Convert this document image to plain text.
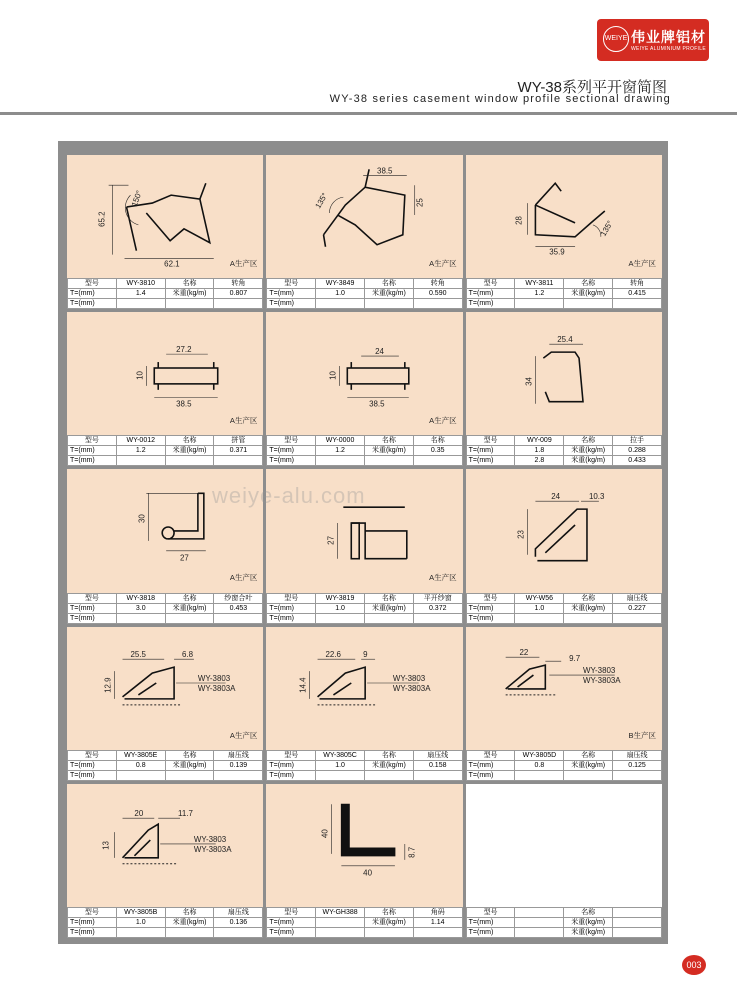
WEIYE 伟业牌铝材
WEIYE ALUMINIUM PROFILE
WY-38系列平开窗简图
WY-38 series casement window profile sectional drawing
65.2
62.1
150°
A生产区
型号	WY-3810	名称	转角
T=(mm)	1.4	米重(kg/m)	0.807
T=(mm)			
38.5
25
135°
A生产区
型号	WY-3849	名称	转角
T=(mm)	1.0	米重(kg/m)	0.590
T=(mm)			
28
35.9
135°
A生产区
型号	WY-3811	名称	转角
T=(mm)	1.2	米重(kg/m)	0.415
T=(mm)			
27.2
10
38.5
A生产区
型号	WY-0012	名称	拼管
T=(mm)	1.2	米重(kg/m)	0.371
T=(mm)			
24
10
38.5
A生产区
型号	WY-0000	名称	名称
T=(mm)	1.2	米重(kg/m)	0.35
T=(mm)			
25.4
34
型号	WY-009	名称	拉手
T=(mm)	1.8	米重(kg/m)	0.288
T=(mm)	2.8	米重(kg/m)	0.433
30
27
A生产区
型号	WY-3818	名称	纱窗合叶
T=(mm)	3.0	米重(kg/m)	0.453
T=(mm)			
27
A生产区
型号	WY-3819	名称	平开纱窗
T=(mm)	1.0	米重(kg/m)	0.372
T=(mm)			
24	10.3
23
型号	WY-W56	名称	扇压线
T=(mm)	1.0	米重(kg/m)	0.227
T=(mm)			
25.5	6.8
12.9	WY-3803
WY-3803A
A生产区
型号	WY-3805E	名称	扇压线
T=(mm)	0.8	米重(kg/m)	0.139
T=(mm)			
22.6	9
14.4	WY-3803
WY-3803A
型号	WY-3805C	名称	扇压线
T=(mm)	1.0	米重(kg/m)	0.158
T=(mm)			
22
9.7
WY-3803
WY-3803A
B生产区
型号	WY-3805D	名称	扇压线
T=(mm)	0.8	米重(kg/m)	0.125
T=(mm)			
20	11.7
13
WY-3803
WY-3803A
型号	WY-3805B	名称	扇压线
T=(mm)	1.0	米重(kg/m)	0.136
T=(mm)			
40
8.7
40
型号	WY-GH388	名称	角码
T=(mm)		米重(kg/m)	1.14
T=(mm)			
型号		名称	
T=(mm)		米重(kg/m)	
T=(mm)		米重(kg/m)	
weiye-alu.com
003
